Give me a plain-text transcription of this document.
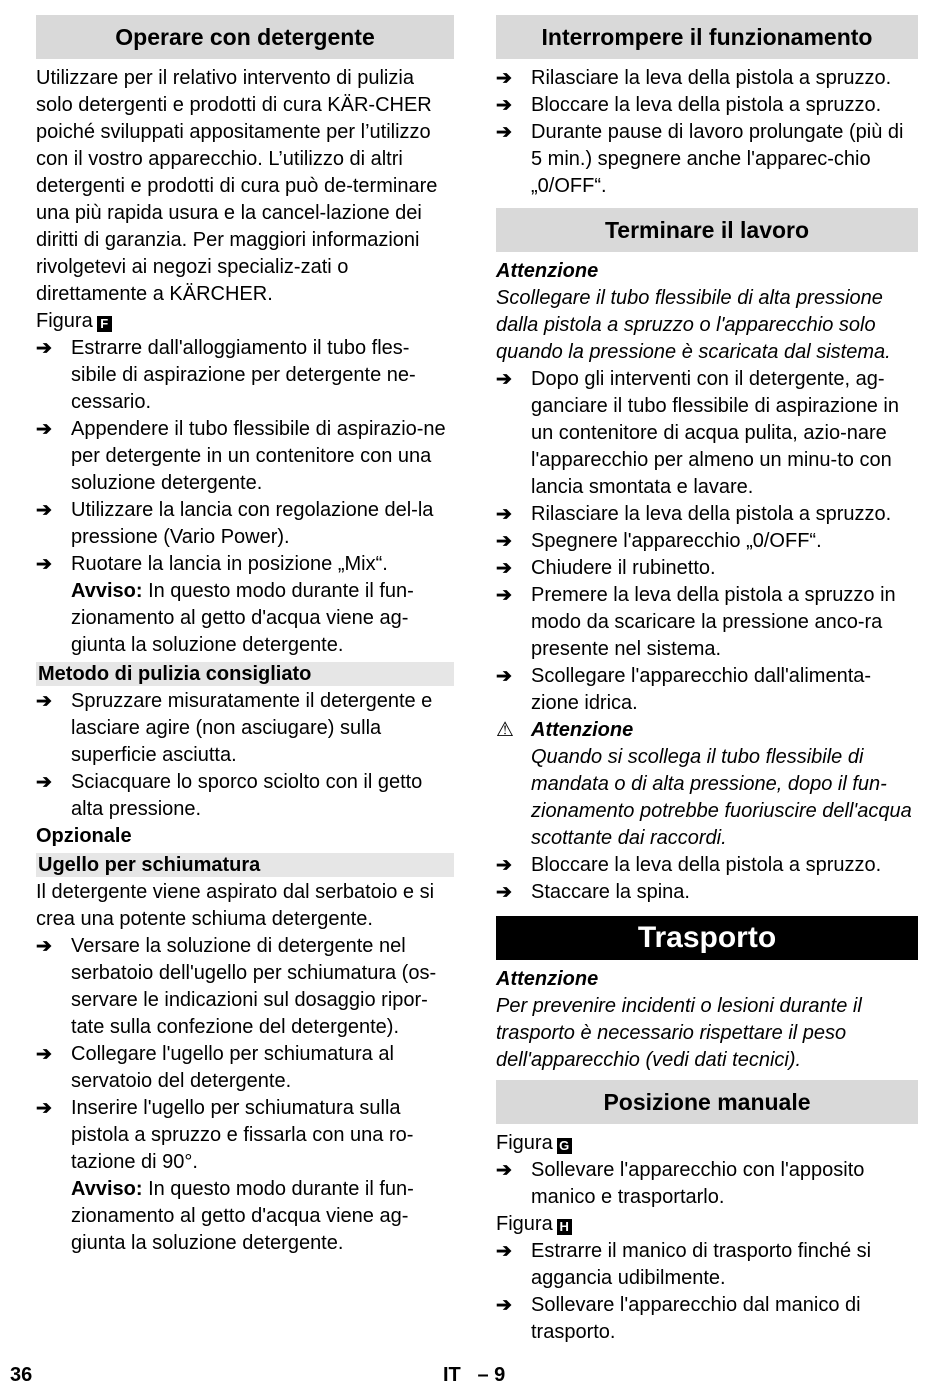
Operare con detergente
Utilizzare per il relativo intervento di pulizia solo detergenti e prodotti di cura KÄR-CHER poiché sviluppati appositamente per l’utilizzo con il vostro apparecchio. L’utilizzo di altri detergenti e prodotti di cura può de-terminare una più rapida usura e la cancel-lazione dei diritti di garanzia. Per maggiori informazioni rivolgetevi ai negozi specializ-zati o direttamente a KÄRCHER.
Figura F
➔ Estrarre dall'alloggiamento il tubo fles-sibile di aspirazione per detergente ne-cessario.
➔ Appendere il tubo flessibile di aspirazio-ne per detergente in un contenitore con una soluzione detergente.
➔ Utilizzare la lancia con regolazione del-la pressione (Vario Power).
➔ Ruotare la lancia in posizione „Mix“.
Avviso: In questo modo durante il fun-zionamento al getto d'acqua viene ag-giunta la soluzione detergente.
Metodo di pulizia consigliato
➔ Spruzzare misuratamente il detergente e lasciare agire (non asciugare) sulla superficie asciutta.
➔ Sciacquare lo sporco sciolto con il getto alta pressione.
Opzionale
Ugello per schiumatura
Il detergente viene aspirato dal serbatoio e si crea una potente schiuma detergente.
➔ Versare la soluzione di detergente nel serbatoio dell'ugello per schiumatura (os-servare le indicazioni sul dosaggio ripor-tate sulla confezione del detergente).
➔ Collegare l'ugello per schiumatura al servatoio del detergente.
➔ Inserire l'ugello per schiumatura sulla pistola a spruzzo e fissarla con una ro-tazione di 90°.
Avviso: In questo modo durante il fun-zionamento al getto d'acqua viene ag-giunta la soluzione detergente.
Interrompere il funzionamento
➔ Rilasciare la leva della pistola a spruzzo.
➔ Bloccare la leva della pistola a spruzzo.
➔ Durante pause di lavoro prolungate (più di 5 min.) spegnere anche l'apparec-chio „0/OFF“.
Terminare il lavoro
Attenzione
Scollegare il tubo flessibile di alta pressione dalla pistola a spruzzo o l'apparecchio solo quando la pressione è scaricata dal sistema.
➔ Dopo gli interventi con il detergente, ag-ganciare il tubo flessibile di aspirazione in un contenitore di acqua pulita, azio-nare l'apparecchio per almeno un minu-to con lancia smontata e lavare.
➔ Rilasciare la leva della pistola a spruzzo.
➔ Spegnere l'apparecchio „0/OFF“.
➔ Chiudere il rubinetto.
➔ Premere la leva della pistola a spruzzo in modo da scaricare la pressione anco-ra presente nel sistema.
➔ Scollegare l'apparecchio dall'alimenta-zione idrica.
⚠ Attenzione
Quando si scollega il tubo flessibile di mandata o di alta pressione, dopo il fun-zionamento potrebbe fuoriuscire dell'acqua scottante dai raccordi.
➔ Bloccare la leva della pistola a spruzzo.
➔ Staccare la spina.
Trasporto
Attenzione
Per prevenire incidenti o lesioni durante il trasporto è necessario rispettare il peso dell'apparecchio (vedi dati tecnici).
Posizione manuale
Figura G
➔ Sollevare l'apparecchio con l'apposito manico e trasportarlo.
Figura H
➔ Estrarre il manico di trasporto finché si aggancia udibilmente.
➔ Sollevare l'apparecchio dal manico di trasporto.
36	IT   – 9
